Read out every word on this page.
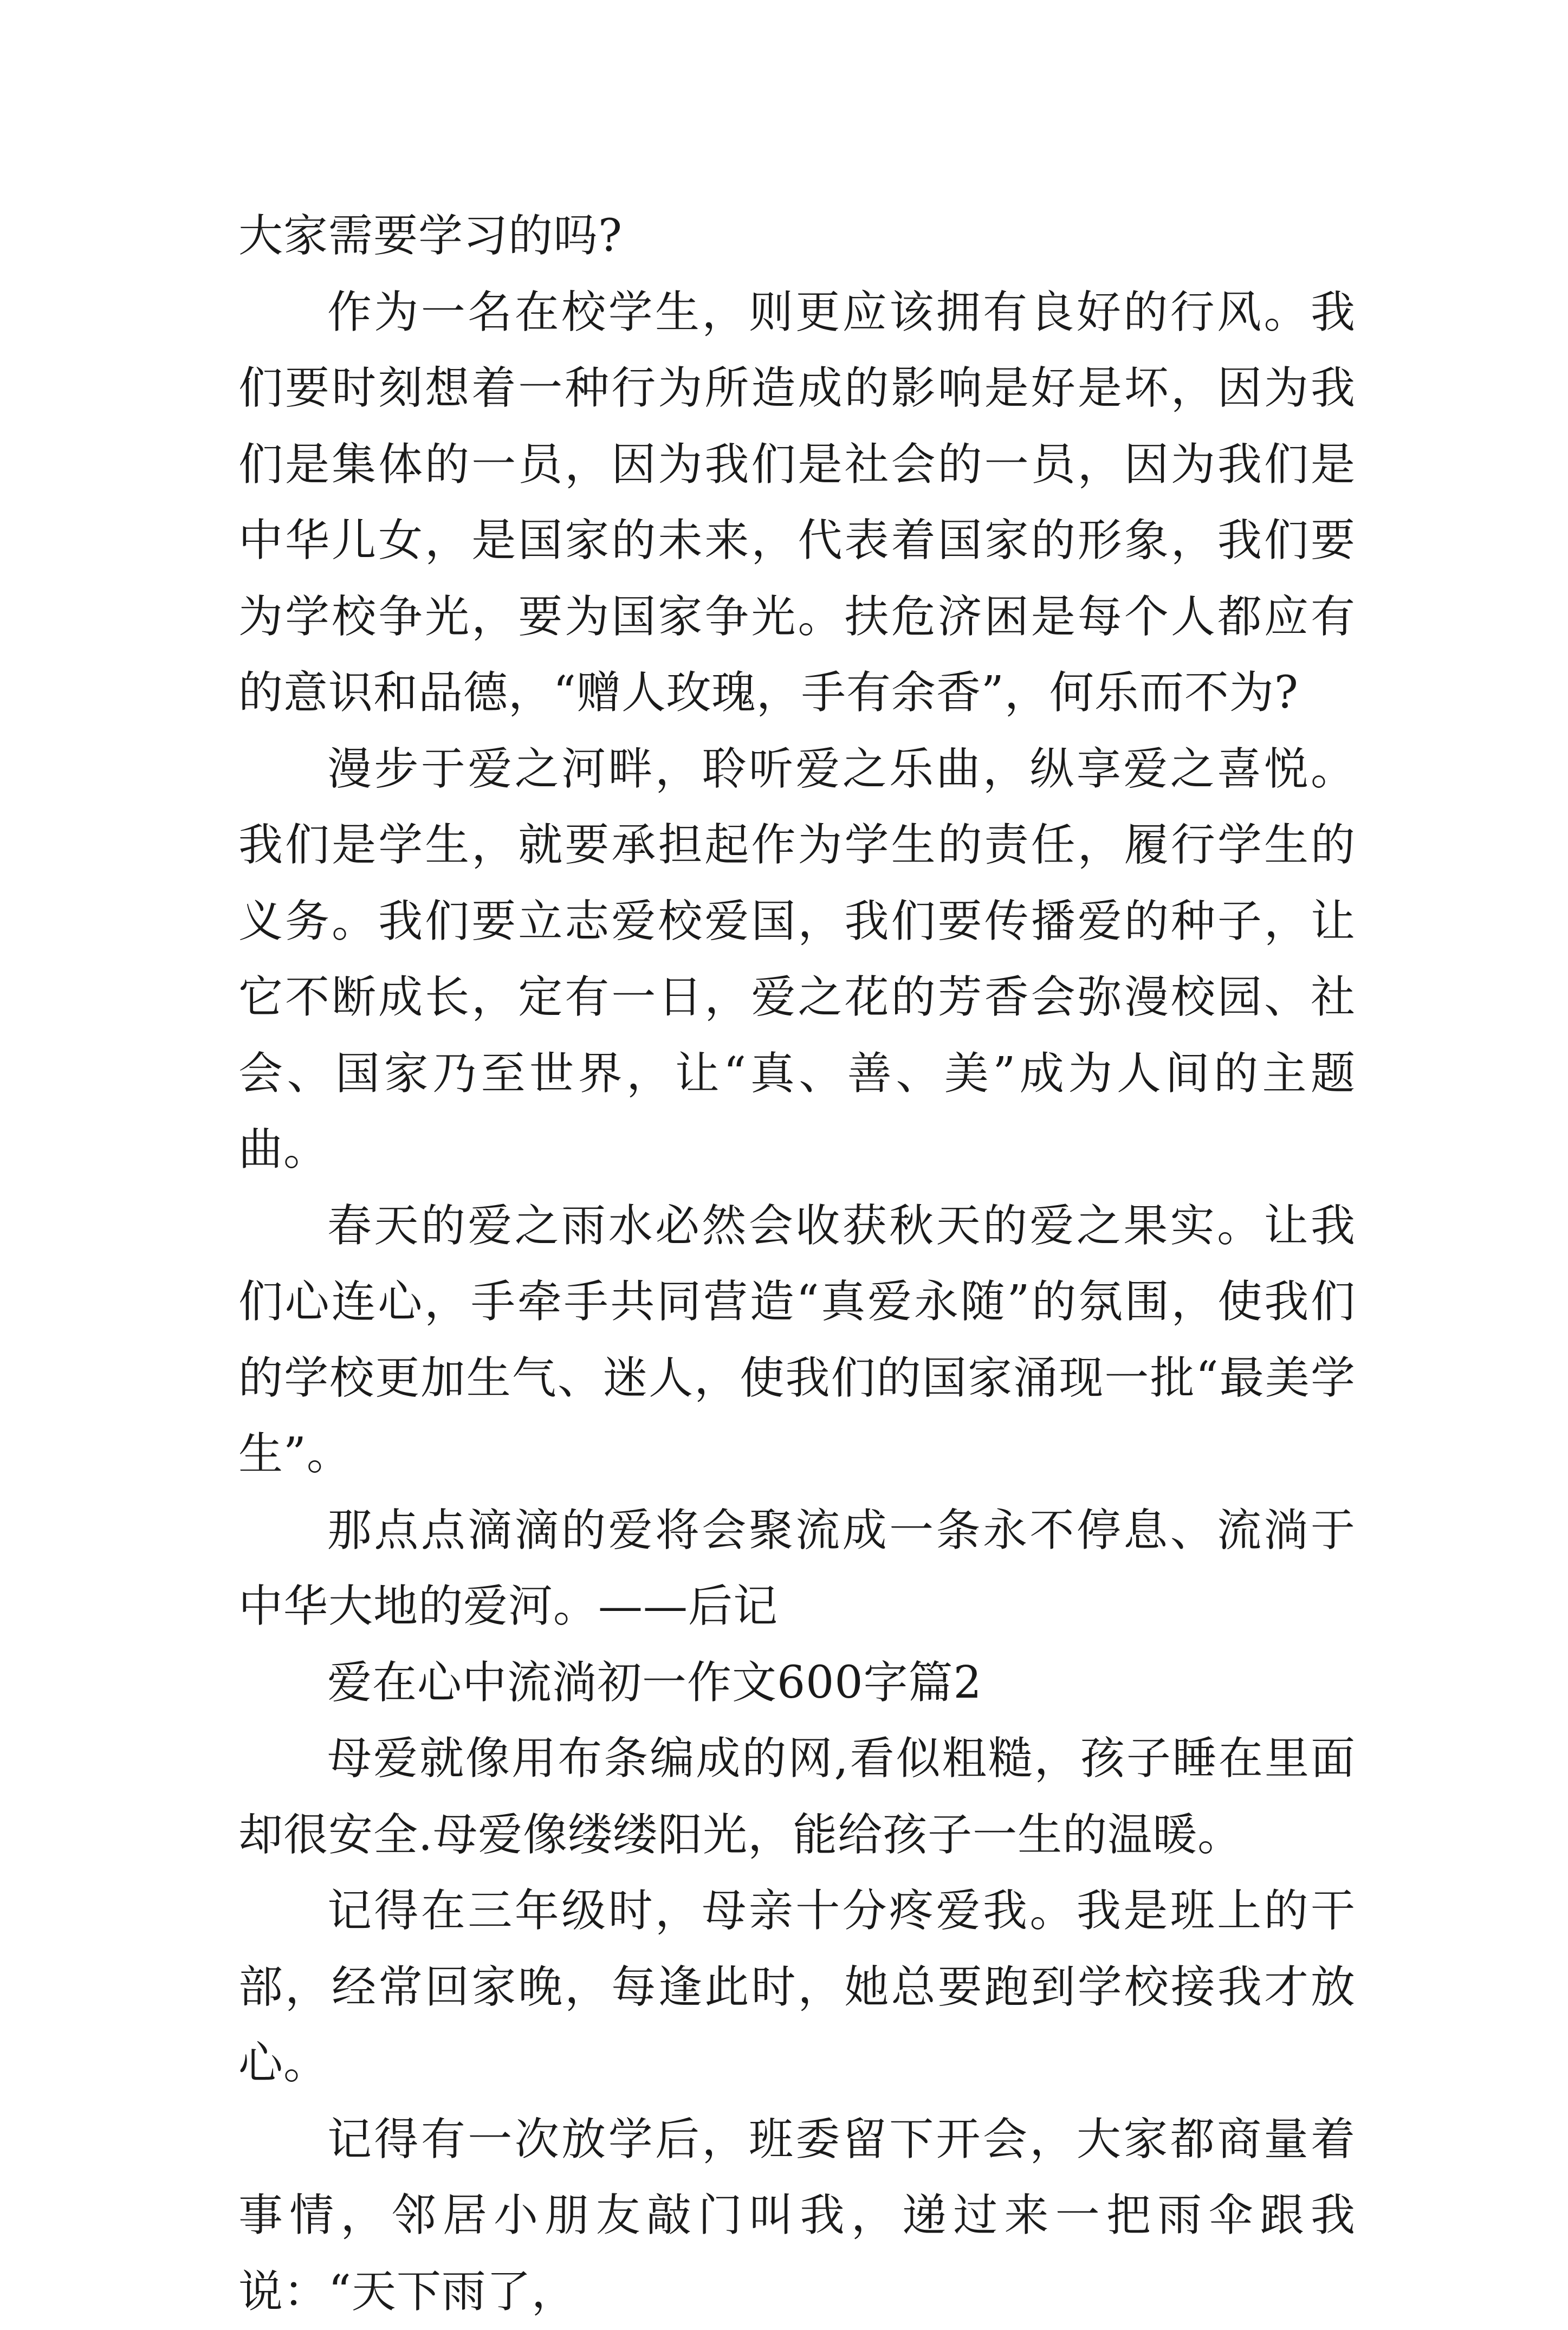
大家需要学习的吗?

作为一名在校学生，则更应该拥有良好的行风。我们要时刻想着一种行为所造成的影响是好是坏，因为我们是集体的一员，因为我们是社会的一员，因为我们是中华儿女，是国家的未来，代表着国家的形象，我们要为学校争光，要为国家争光。扶危济困是每个人都应有的意识和品德，“赠人玫瑰，手有余香”，何乐而不为?

漫步于爱之河畔，聆听爱之乐曲，纵享爱之喜悦。我们是学生，就要承担起作为学生的责任，履行学生的义务。我们要立志爱校爱国，我们要传播爱的种子，让它不断成长，定有一日，爱之花的芳香会弥漫校园、社会、国家乃至世界，让“真、善、美”成为人间的主题曲。

春天的爱之雨水必然会收获秋天的爱之果实。让我们心连心，手牵手共同营造“真爱永随”的氛围，使我们的学校更加生气、迷人，使我们的国家涌现一批“最美学生”。

那点点滴滴的爱将会聚流成一条永不停息、流淌于中华大地的爱河。——后记

爱在心中流淌初一作文600字篇2

母爱就像用布条编成的网,看似粗糙，孩子睡在里面却很安全.母爱像缕缕阳光，能给孩子一生的温暖。

记得在三年级时，母亲十分疼爱我。我是班上的干部，经常回家晚，每逢此时，她总要跑到学校接我才放心。

记得有一次放学后，班委留下开会，大家都商量着事情，邻居小朋友敲门叫我，递过来一把雨伞跟我说：“天下雨了，
